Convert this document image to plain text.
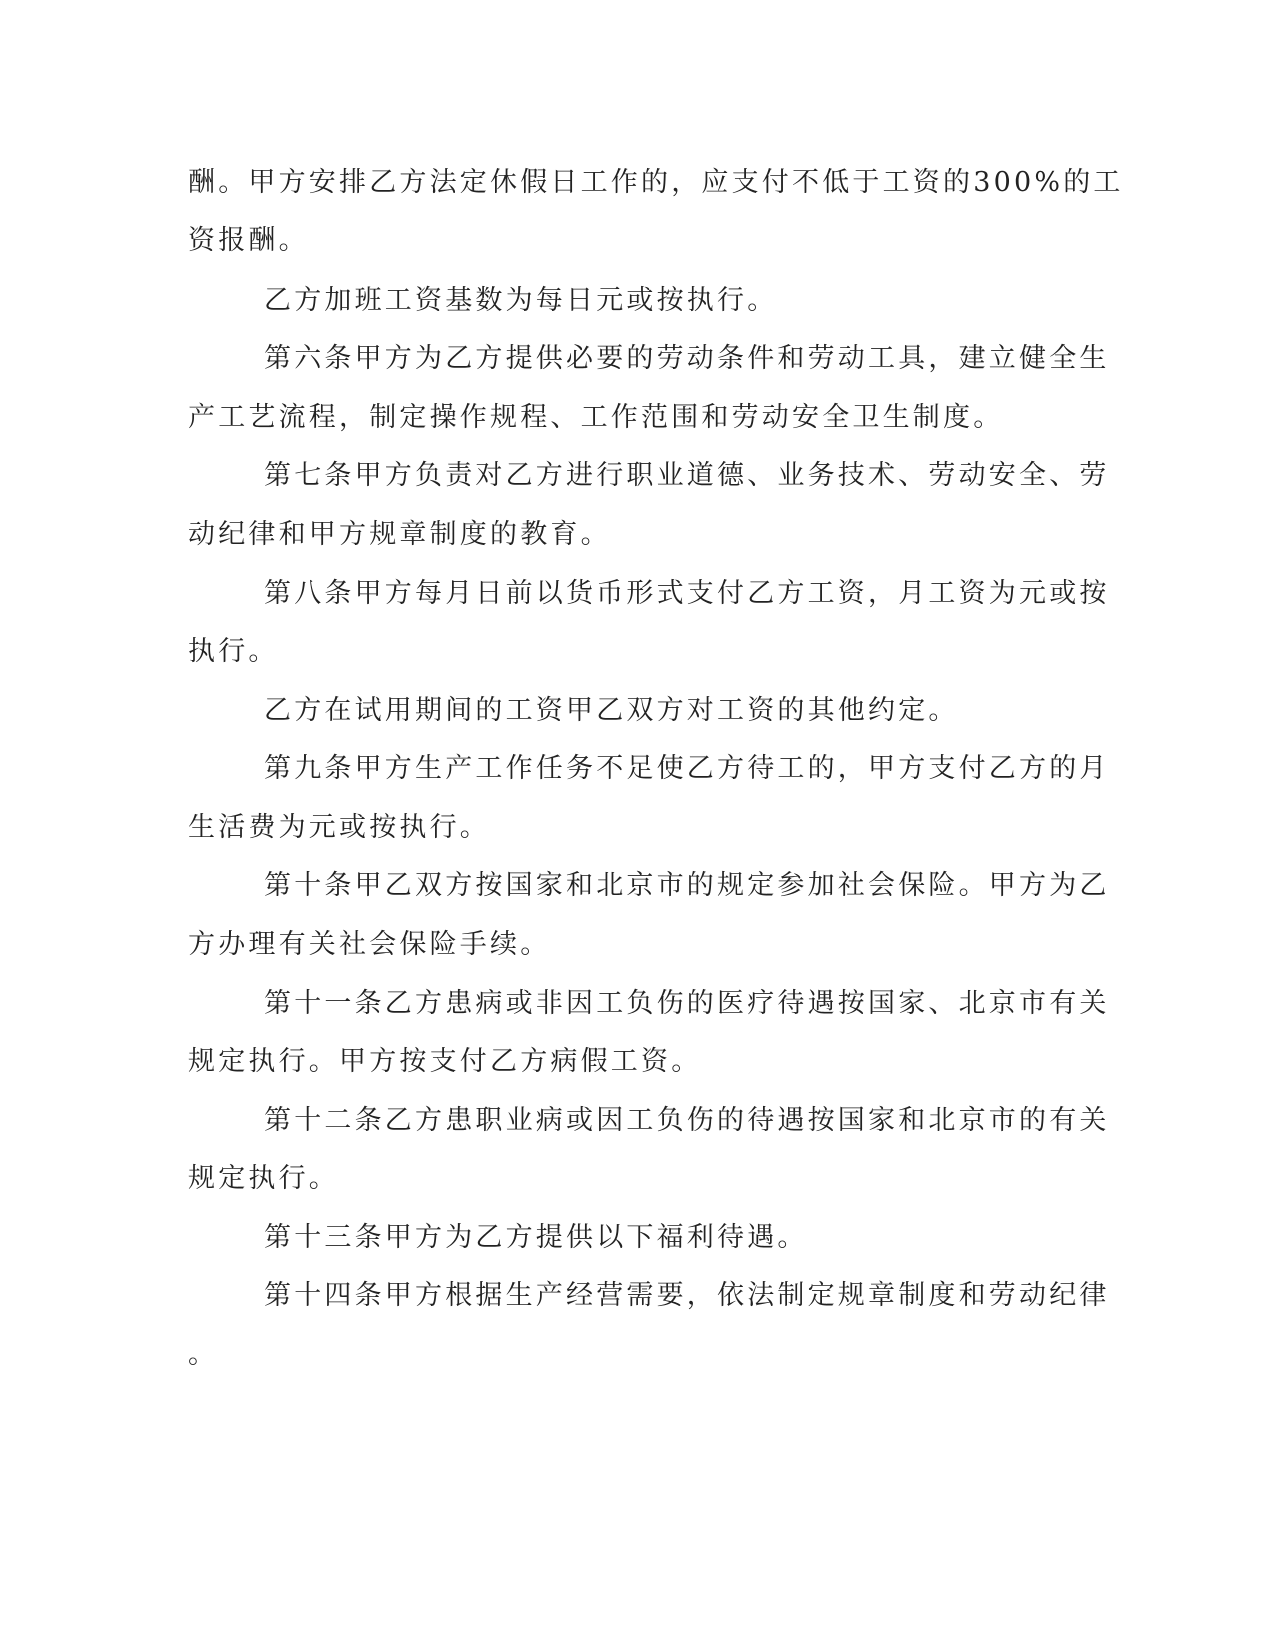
酬。甲方安排乙方法定休假日工作的，应支付不低于工资的300%的工
资报酬。
乙方加班工资基数为每日元或按执行。
第六条甲方为乙方提供必要的劳动条件和劳动工具，建立健全生
产工艺流程，制定操作规程、工作范围和劳动安全卫生制度。
第七条甲方负责对乙方进行职业道德、业务技术、劳动安全、劳
动纪律和甲方规章制度的教育。
第八条甲方每月日前以货币形式支付乙方工资，月工资为元或按
执行。
乙方在试用期间的工资甲乙双方对工资的其他约定。
第九条甲方生产工作任务不足使乙方待工的，甲方支付乙方的月
生活费为元或按执行。
第十条甲乙双方按国家和北京市的规定参加社会保险。甲方为乙
方办理有关社会保险手续。
第十一条乙方患病或非因工负伤的医疗待遇按国家、北京市有关
规定执行。甲方按支付乙方病假工资。
第十二条乙方患职业病或因工负伤的待遇按国家和北京市的有关
规定执行。
第十三条甲方为乙方提供以下福利待遇。
第十四条甲方根据生产经营需要，依法制定规章制度和劳动纪律
。
